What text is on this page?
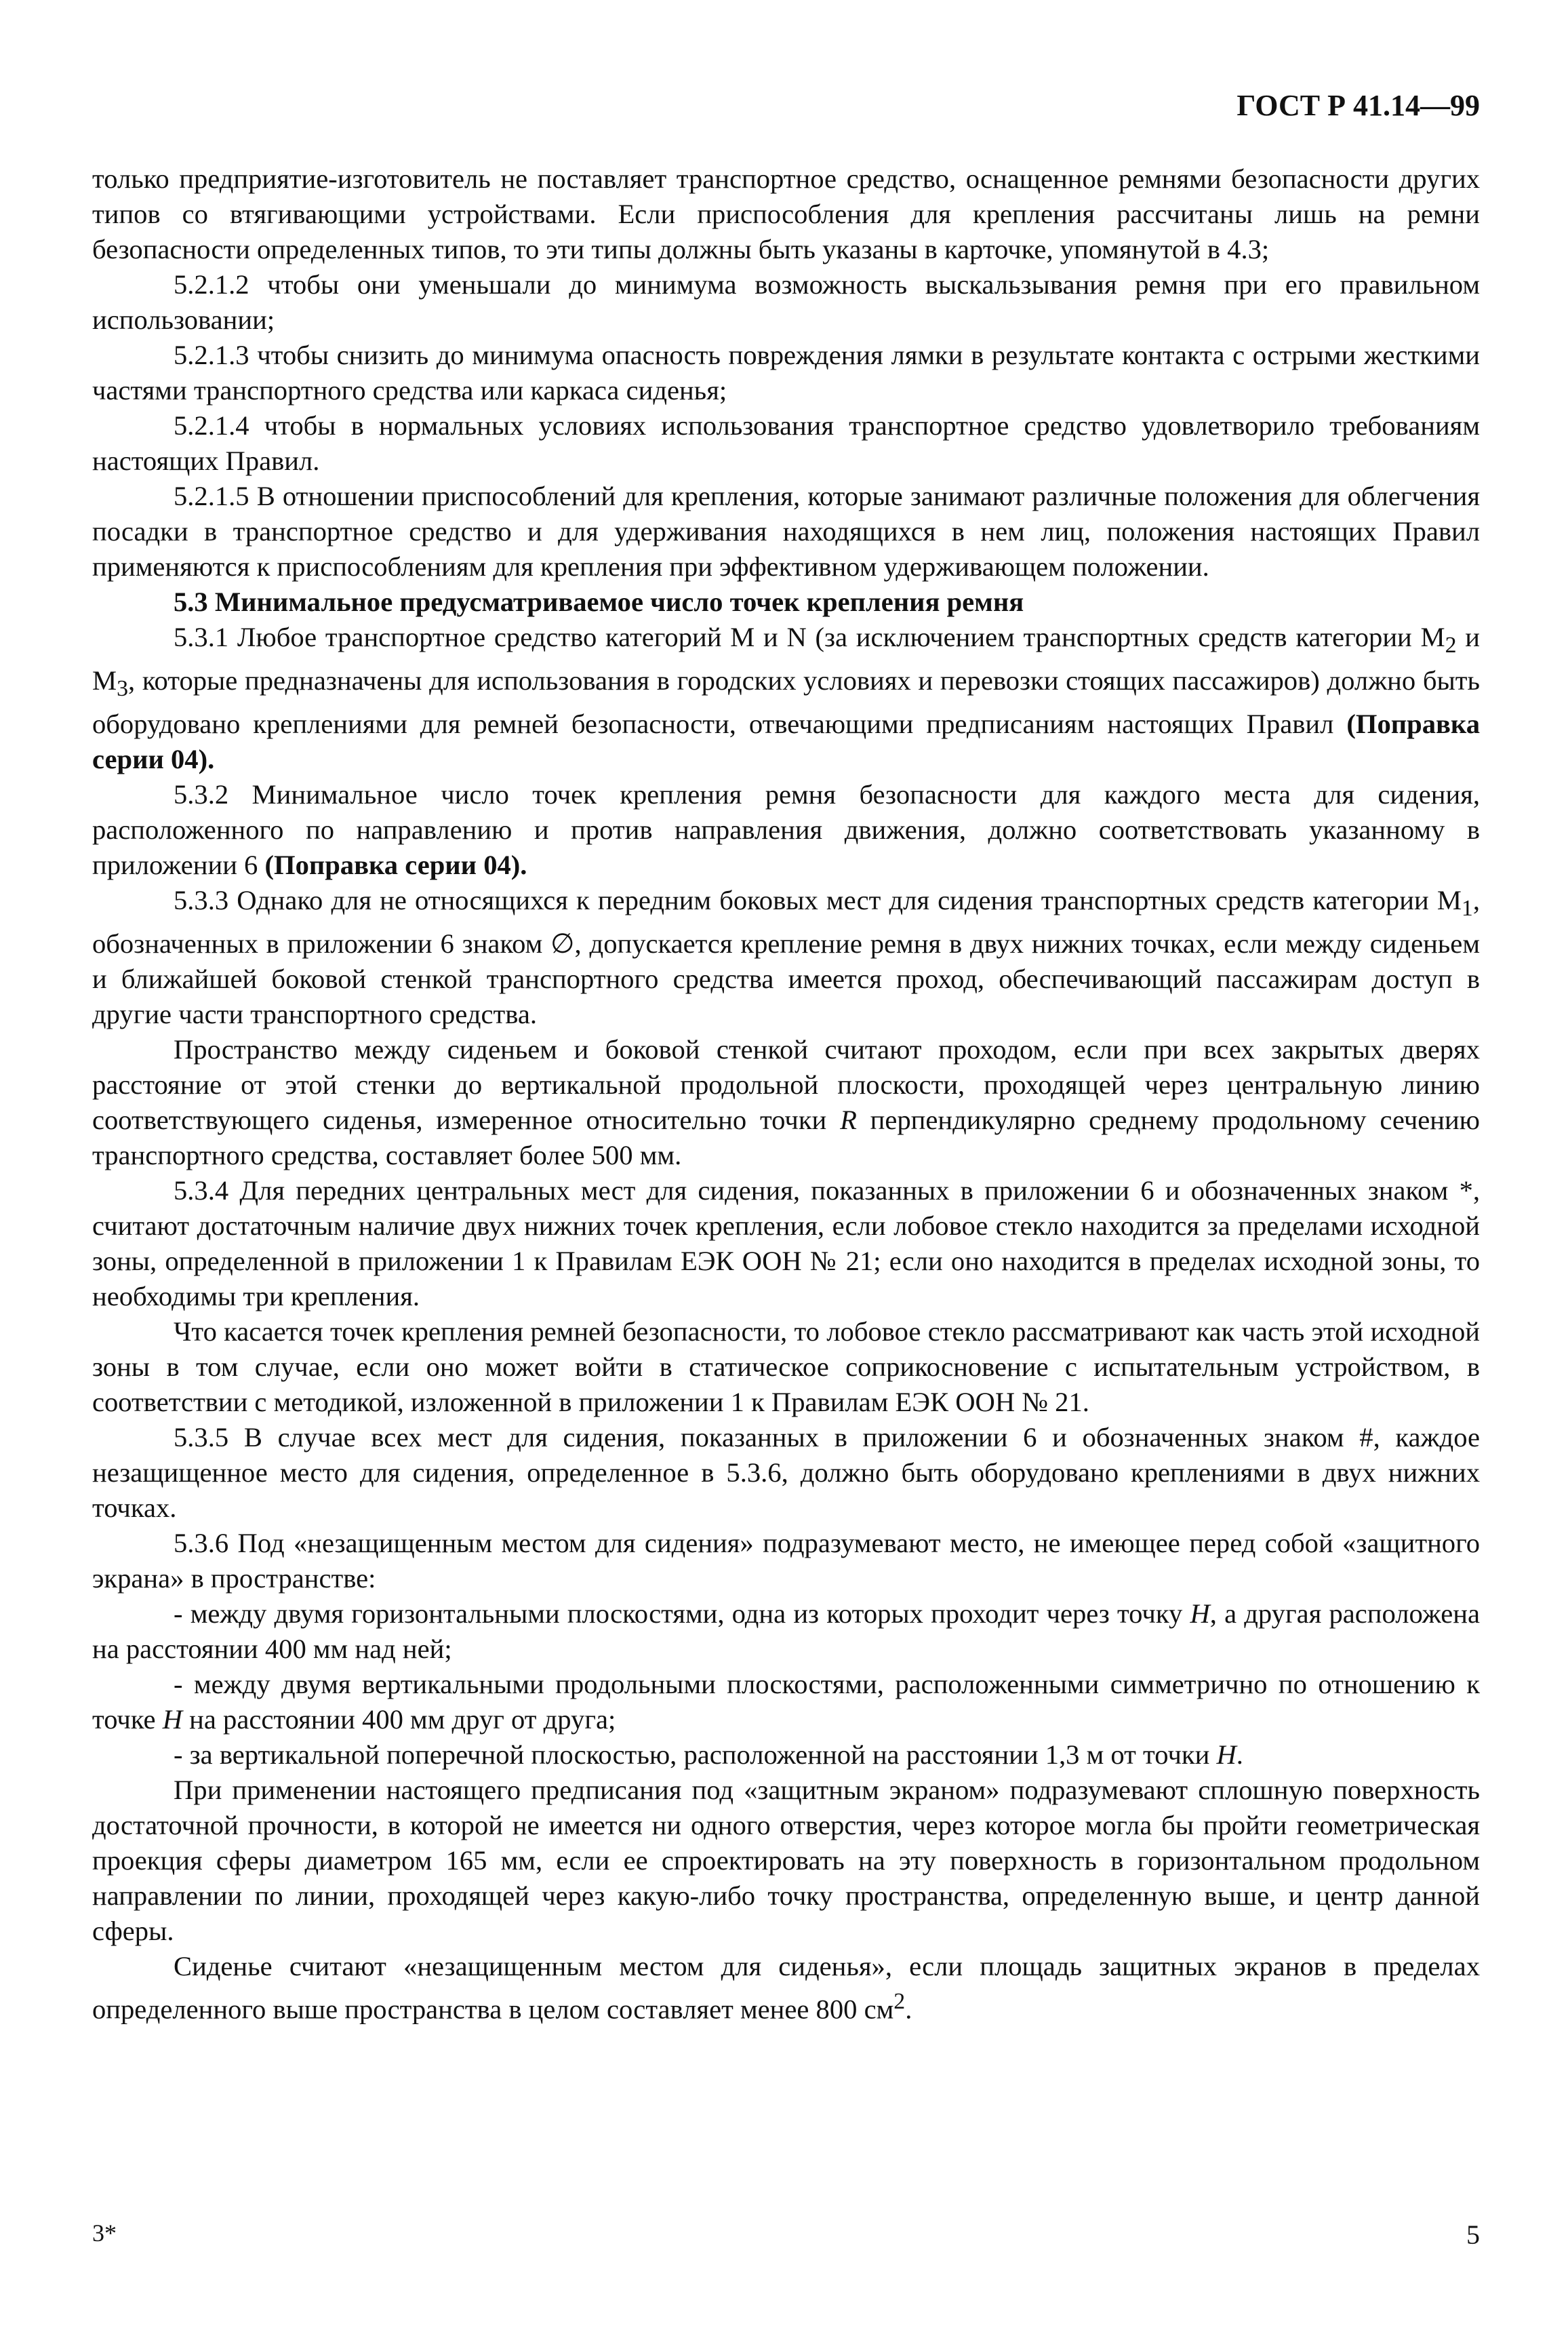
ГОСТ Р 41.14—99

только предприятие-изготовитель не поставляет транспортное средство, оснащенное ремнями безопасности других типов со втягивающими устройствами. Если приспособления для крепления рассчитаны лишь на ремни безопасности определенных типов, то эти типы должны быть указаны в карточке, упомянутой в 4.3;

5.2.1.2 чтобы они уменьшали до минимума возможность выскальзывания ремня при его правильном использовании;

5.2.1.3 чтобы снизить до минимума опасность повреждения лямки в результате контакта с острыми жесткими частями транспортного средства или каркаса сиденья;

5.2.1.4 чтобы в нормальных условиях использования транспортное средство удовлетворило требованиям настоящих Правил.

5.2.1.5 В отношении приспособлений для крепления, которые занимают различные положения для облегчения посадки в транспортное средство и для удерживания находящихся в нем лиц, положения настоящих Правил применяются к приспособлениям для крепления при эффективном удерживающем положении.

5.3 Минимальное предусматриваемое число точек крепления ремня

5.3.1 Любое транспортное средство категорий M и N (за исключением транспортных средств категории $M_2$ и $M_3$, которые предназначены для использования в городских условиях и перевозки стоящих пассажиров) должно быть оборудовано креплениями для ремней безопасности, отвечающими предписаниям настоящих Правил (Поправка серии 04).

5.3.2 Минимальное число точек крепления ремня безопасности для каждого места для сидения, расположенного по направлению и против направления движения, должно соответствовать указанному в приложении 6 (Поправка серии 04).

5.3.3 Однако для не относящихся к передним боковых мест для сидения транспортных средств категории $M_1$, обозначенных в приложении 6 знаком ∅, допускается крепление ремня в двух нижних точках, если между сиденьем и ближайшей боковой стенкой транспортного средства имеется проход, обеспечивающий пассажирам доступ в другие части транспортного средства.

Пространство между сиденьем и боковой стенкой считают проходом, если при всех закрытых дверях расстояние от этой стенки до вертикальной продольной плоскости, проходящей через центральную линию соответствующего сиденья, измеренное относительно точки R перпендикулярно среднему продольному сечению транспортного средства, составляет более 500 мм.

5.3.4 Для передних центральных мест для сидения, показанных в приложении 6 и обозначенных знаком *, считают достаточным наличие двух нижних точек крепления, если лобовое стекло находится за пределами исходной зоны, определенной в приложении 1 к Правилам ЕЭК ООН № 21; если оно находится в пределах исходной зоны, то необходимы три крепления.

Что касается точек крепления ремней безопасности, то лобовое стекло рассматривают как часть этой исходной зоны в том случае, если оно может войти в статическое соприкосновение с испытательным устройством, в соответствии с методикой, изложенной в приложении 1 к Правилам ЕЭК ООН № 21.

5.3.5 В случае всех мест для сидения, показанных в приложении 6 и обозначенных знаком #, каждое незащищенное место для сидения, определенное в 5.3.6, должно быть оборудовано креплениями в двух нижних точках.

5.3.6 Под «незащищенным местом для сидения» подразумевают место, не имеющее перед собой «защитного экрана» в пространстве:

- между двумя горизонтальными плоскостями, одна из которых проходит через точку H, а другая расположена на расстоянии 400 мм над ней;

- между двумя вертикальными продольными плоскостями, расположенными симметрично по отношению к точке H на расстоянии 400 мм друг от друга;

- за вертикальной поперечной плоскостью, расположенной на расстоянии 1,3 м от точки H.

При применении настоящего предписания под «защитным экраном» подразумевают сплошную поверхность достаточной прочности, в которой не имеется ни одного отверстия, через которое могла бы пройти геометрическая проекция сферы диаметром 165 мм, если ее спроектировать на эту поверхность в горизонтальном продольном направлении по линии, проходящей через какую-либо точку пространства, определенную выше, и центр данной сферы.

Сиденье считают «незащищенным местом для сиденья», если площадь защитных экранов в пределах определенного выше пространства в целом составляет менее 800 $см^2$.

3*	5
